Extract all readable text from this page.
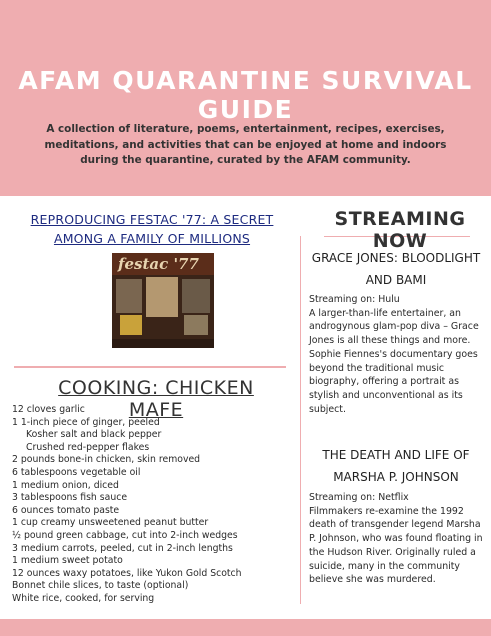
AFAM QUARANTINE SURVIVAL GUIDE
A collection of literature, poems, entertainment, recipes, exercises, meditations, and activities that can be enjoyed at home and indoors during the quarantine, curated by the AFAM community.
REPRODUCING FESTAC '77: A SECRET AMONG A FAMILY OF MILLIONS
festac '77
COOKING: CHICKEN MAFE
12 cloves garlic
1 1-inch piece of ginger, peeled
Kosher salt and black pepper
Crushed red-pepper flakes
2 pounds bone-in chicken, skin removed
6 tablespoons vegetable oil
1 medium onion, diced
3 tablespoons fish sauce
6 ounces tomato paste
1 cup creamy unsweetened peanut butter
½ pound green cabbage, cut into 2-inch wedges
3 medium carrots, peeled, cut in 2-inch lengths
1 medium sweet potato
12 ounces waxy potatoes, like Yukon Gold Scotch
Bonnet chile slices, to taste (optional)
White rice, cooked, for serving
STREAMING NOW
GRACE JONES: BLOODLIGHT AND BAMI
Streaming on: Hulu
A larger-than-life entertainer, an androgynous glam-pop diva – Grace Jones is all these things and more. Sophie Fiennes's documentary goes beyond the traditional music biography, offering a portrait as stylish and unconventional as its subject.
THE DEATH AND LIFE OF MARSHA P. JOHNSON
Streaming on: Netflix
Filmmakers re-examine the 1992 death of transgender legend Marsha P. Johnson, who was found floating in the Hudson River. Originally ruled a suicide, many in the community believe she was murdered.
